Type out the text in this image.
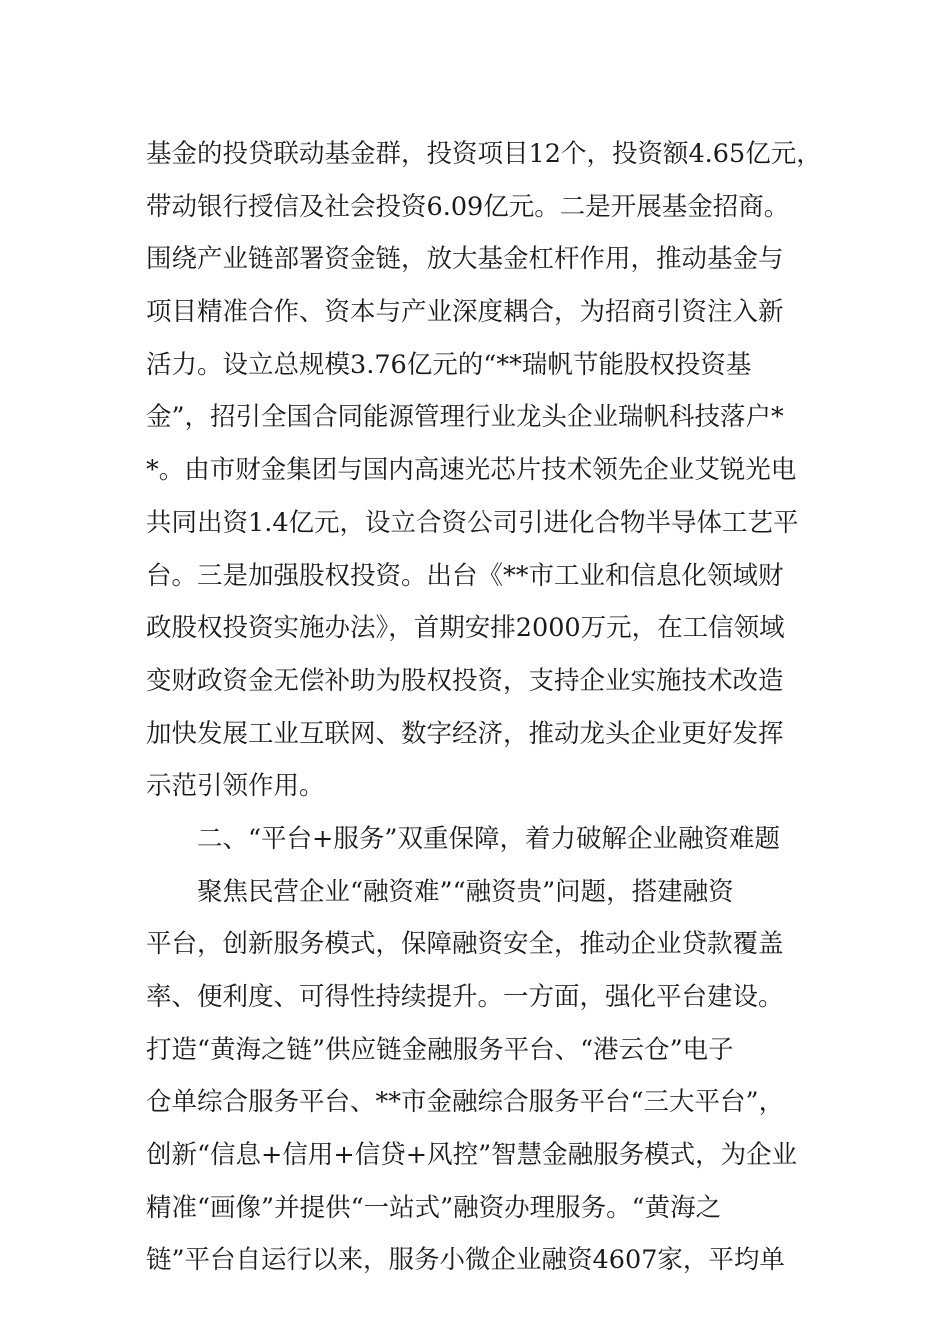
基金的投贷联动基金群，投资项目12个，投资额4.65亿元，
带动银行授信及社会投资6.09亿元。二是开展基金招商。
围绕产业链部署资金链，放大基金杠杆作用，推动基金与
项目精准合作、资本与产业深度耦合，为招商引资注入新
活力。设立总规模3.76亿元的“**瑞帆节能股权投资基
金”，招引全国合同能源管理行业龙头企业瑞帆科技落户*
*。由市财金集团与国内高速光芯片技术领先企业艾锐光电
共同出资1.4亿元，设立合资公司引进化合物半导体工艺平
台。三是加强股权投资。出台《**市工业和信息化领域财
政股权投资实施办法》，首期安排2000万元，在工信领域
变财政资金无偿补助为股权投资，支持企业实施技术改造
加快发展工业互联网、数字经济，推动龙头企业更好发挥
示范引领作用。
二、“平台+服务”双重保障，着力破解企业融资难题
聚焦民营企业“融资难”“融资贵”问题，搭建融资
平台，创新服务模式，保障融资安全，推动企业贷款覆盖
率、便利度、可得性持续提升。一方面，强化平台建设。
打造“黄海之链”供应链金融服务平台、“港云仓”电子
仓单综合服务平台、**市金融综合服务平台“三大平台”，
创新“信息+信用+信贷+风控”智慧金融服务模式，为企业
精准“画像”并提供“一站式”融资办理服务。“黄海之
链”平台自运行以来，服务小微企业融资4607家，平均单
